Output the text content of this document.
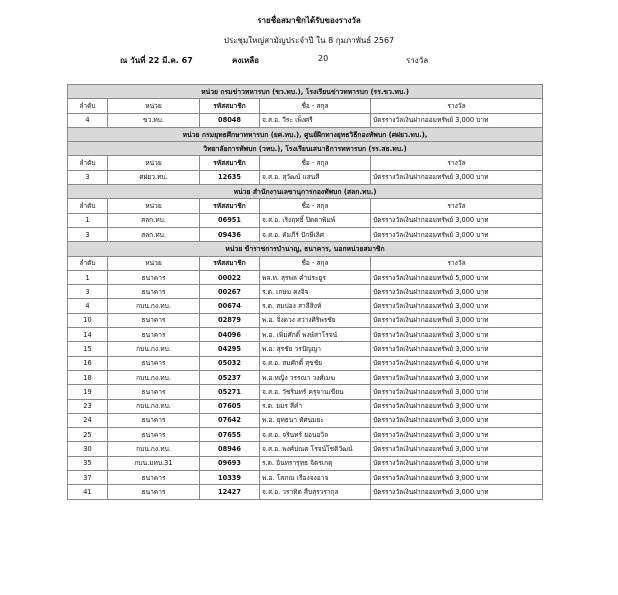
รายชื่อสมาชิกได้รับของรางวัล
ประชุมใหญ่สามัญประจำปี ใน 8 กุมภาพันธ์ 2567
ณ วันที่ 22 มี.ค. 67	คงเหลือ	20	รางวัล
หน่วย กรมข่าวทหารบก (ขว.ทบ.), โรงเรียนข่าวทหารบก (รร.ขว.ทบ.)				
ลำดับ	หน่วย	รหัสสมาชิก	ชื่อ - สกุล	รางวัล
4	ขว.ทบ.	08048	จ.ส.อ. วีระ เพ็งศรี	บัตรรางวัลเงินฝากออมทรัพย์ 3,000 บาท
หน่วย กรมยุทธศึกษาทหารบก (ยศ.ทบ.), ศูนย์ฝึกทางยุทธวิธีกองทัพบก (ศฝยว.ทบ.),				
วิทยาลัยการทัพบก (วทบ.), โรงเรียนเสนาธิการทหารบก (รร.สธ.ทบ.)				
ลำดับ	หน่วย	รหัสสมาชิก	ชื่อ - สกุล	รางวัล
3	ศฝยว.ทบ.	12635	จ.ส.อ. สุวัฒน์ แสนสี	บัตรรางวัลเงินฝากออมทรัพย์ 3,000 บาท
หน่วย สำนักงานเลขานุการกองทัพบก (สลก.ทบ.)				
ลำดับ	หน่วย	รหัสสมาชิก	ชื่อ - สกุล	รางวัล
1	สลก.ทบ.	06951	จ.ส.อ. เริงฤทธิ์ ปิดตาพิมพ์	บัตรรางวัลเงินฝากออมทรัพย์ 3,000 บาท
3	สลก.ทบ.	09436	จ.ส.อ. คัมภีร์ ปักษีเลิศ	บัตรรางวัลเงินฝากออมทรัพย์ 3,000 บาท
หน่วย ข้าราชการบำนาญ, ธนาคาร, นอกหน่วยสมาชิก				
ลำดับ	หน่วย	รหัสสมาชิก	ชื่อ - สกุล	รางวัล
1	ธนาคาร	00022	พล.ท. สุรพล คำประยูร	บัตรรางวัลเงินฝากออมทรัพย์ 5,000 บาท
3	ธนาคาร	00267	ร.ต. เกษม คงจิจ	บัตรรางวัลเงินฝากออมทรัพย์ 3,000 บาท
4	กบน.กง.ทบ.	00674	ร.ต. สมปอง สาลีสิงห์	บัตรรางวัลเงินฝากออมทรัพย์ 3,000 บาท
10	ธนาคาร	02879	พ.อ. จิ่งดวง สว่างศิริพรชัย	บัตรรางวัลเงินฝากออมทรัพย์ 3,000 บาท
14	ธนาคาร	04096	พ.อ. เพิ่มศักดิ์ พงษ์สาโรจน์	บัตรรางวัลเงินฝากออมทรัพย์ 3,000 บาท
15	กบน.กง.ทบ.	04295	พ.อ. สุรชัย วรปัญญา	บัตรรางวัลเงินฝากออมทรัพย์ 3,000 บาท
16	ธนาคาร	05032	จ.ส.อ. สมศักดิ์ สุขชัย	บัตรรางวัลเงินฝากออมทรัพย์ 4,000 บาท
18	กบน.กง.ทบ.	05237	พ.อ.หญิง วรรณา วงศ์เมฆ	บัตรรางวัลเงินฝากออมทรัพย์ 3,000 บาท
19	ธนาคาร	05271	จ.ส.อ. วัชรินทร์ ครุจานเขียน	บัตรรางวัลเงินฝากออมทรัพย์ 3,000 บาท
23	กบน.กง.ทบ.	07605	ร.ต. ยมร สีคำ	บัตรรางวัลเงินฝากออมทรัพย์ 3,000 บาท
24	ธนาคาร	07642	พ.อ. ยุทธนา ทัศนมยะ	บัตรรางวัลเงินฝากออมทรัพย์ 3,000 บาท
25	ธนาคาร	07655	จ.ส.อ. จรินทร์ ยอนอวิล	บัตรรางวัลเงินฝากออมทรัพย์ 3,000 บาท
30	กบน.กง.ทบ.	08946	จ.ส.อ. พงศ์ปณต โรจน์โชติวัฒน์	บัตรรางวัลเงินฝากออมทรัพย์ 3,000 บาท
35	กบน.มทบ.31	09693	ร.ต. อินทรารุทธ จิตรเกตุ	บัตรรางวัลเงินฝากออมทรัพย์ 3,000 บาท
37	ธนาคาร	10339	พ.อ. โสภณ เรืองจงอาจ	บัตรรางวัลเงินฝากออมทรัพย์ 3,000 บาท
41	ธนาคาร	12427	จ.ส.อ. วราทิต สืบสุรวรากุล	บัตรรางวัลเงินฝากออมทรัพย์ 3,000 บาท
